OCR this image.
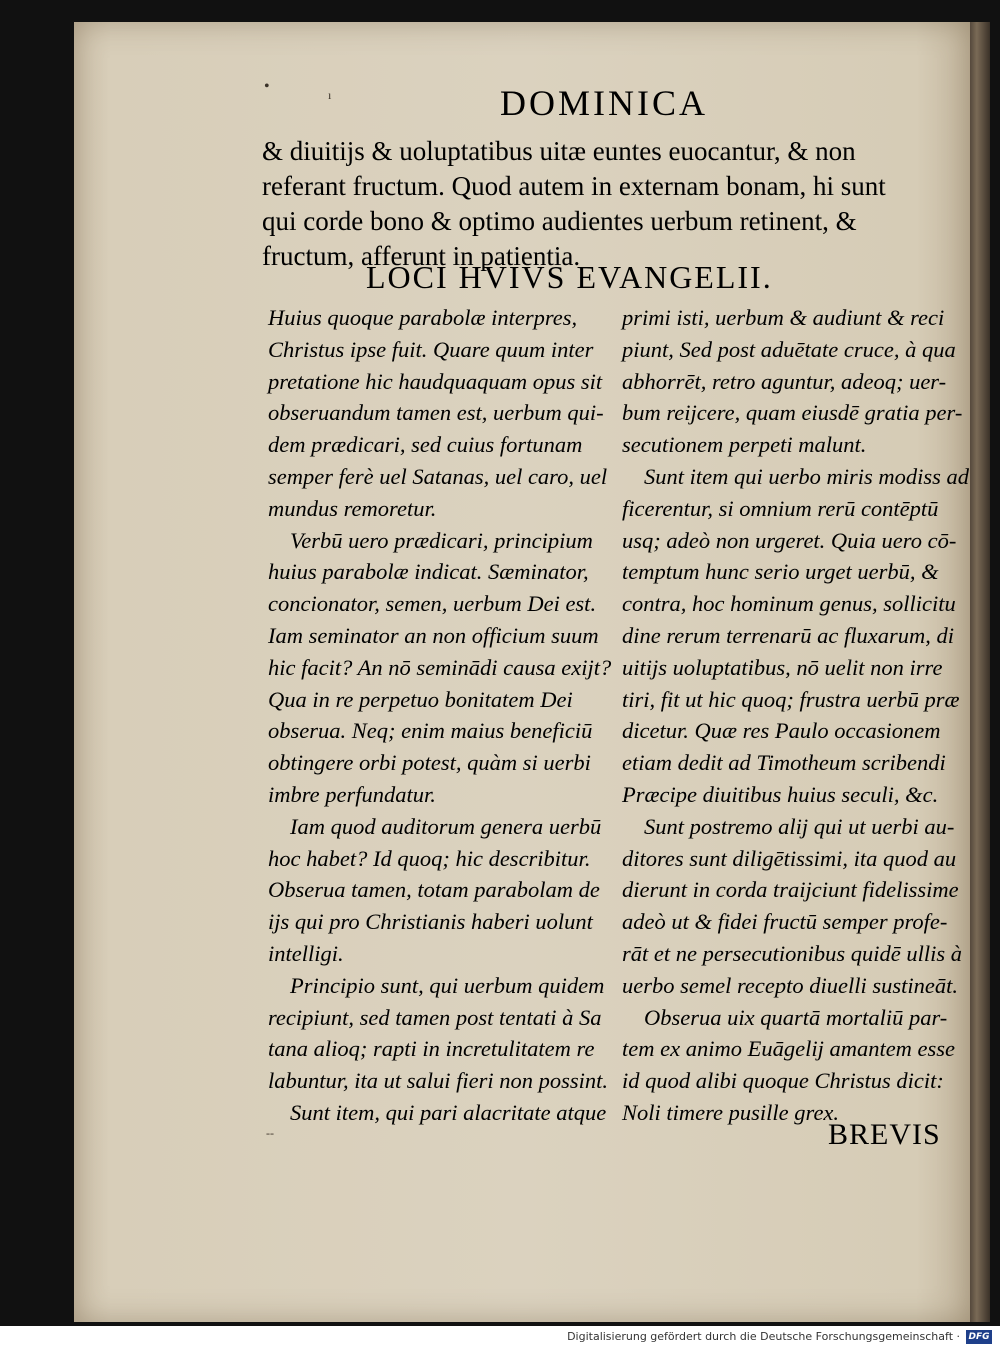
•	ı
--
DOMINICA

& diuitijs & uoluptatibus uitæ euntes euocantur, & non
referant fructum. Quod autem in externam bonam, hi sunt
qui corde bono & optimo audientes uerbum retinent, &
fructum, afferunt in patientia.

LOCI HVIVS EVANGELII.
Huius quoque parabolæ interpres,
Christus ipse fuit. Quare quum inter
pretatione hic haudquaquam opus sit
obseruandum tamen est, uerbum qui-
dem prædicari, sed cuius fortunam
semper ferè uel Satanas, uel caro, uel
mundus remoretur.
Verbū uero prædicari, principium
huius parabolæ indicat. Sæminator,
concionator, semen, uerbum Dei est.
Iam seminator an non officium suum
hic facit? An nō seminādi causa exijt?
Qua in re perpetuo bonitatem Dei
obserua. Neq; enim maius beneficiū
obtingere orbi potest, quàm si uerbi
imbre perfundatur.
Iam quod auditorum genera uerbū
hoc habet? Id quoq; hic describitur.
Obserua tamen, totam parabolam de
ijs qui pro Christianis haberi uolunt
intelligi.
Principio sunt, qui uerbum quidem
recipiunt, sed tamen post tentati à Sa
tana alioq; rapti in incretulitatem re
labuntur, ita ut salui fieri non possint.
Sunt item, qui pari alacritate atque
primi isti, uerbum & audiunt & reci
piunt, Sed post aduētate cruce, à qua
abhorrēt, retro aguntur, adeoq; uer-
bum reijcere, quam eiusdē gratia per-
secutionem perpeti malunt.
Sunt item qui uerbo miris modiss ad
ficerentur, si omnium rerū contēptū
usq; adeò non urgeret. Quia uero cō-
temptum hunc serio urget uerbū, &
contra, hoc hominum genus, sollicitu
dine rerum terrenarū ac fluxarum, di
uitijs uoluptatibus, nō uelit non irre
tiri, fit ut hic quoq; frustra uerbū præ
dicetur. Quæ res Paulo occasionem
etiam dedit ad Timotheum scribendi
Præcipe diuitibus huius seculi, &c.
Sunt postremo alij qui ut uerbi au-
ditores sunt diligētissimi, ita quod au
dierunt in corda traijciunt fidelissime
adeò ut & fidei fructū semper profe-
rāt et ne persecutionibus quidē ullis à
uerbo semel recepto diuelli sustineāt.
Obserua uix quartā mortaliū par-
tem ex animo Euāgelij amantem esse
id quod alibi quoque Christus dicit:
Noli timere pusille grex.
BREVIS
Digitalisierung gefördert durch die Deutsche Forschungsgemeinschaft · DFG
